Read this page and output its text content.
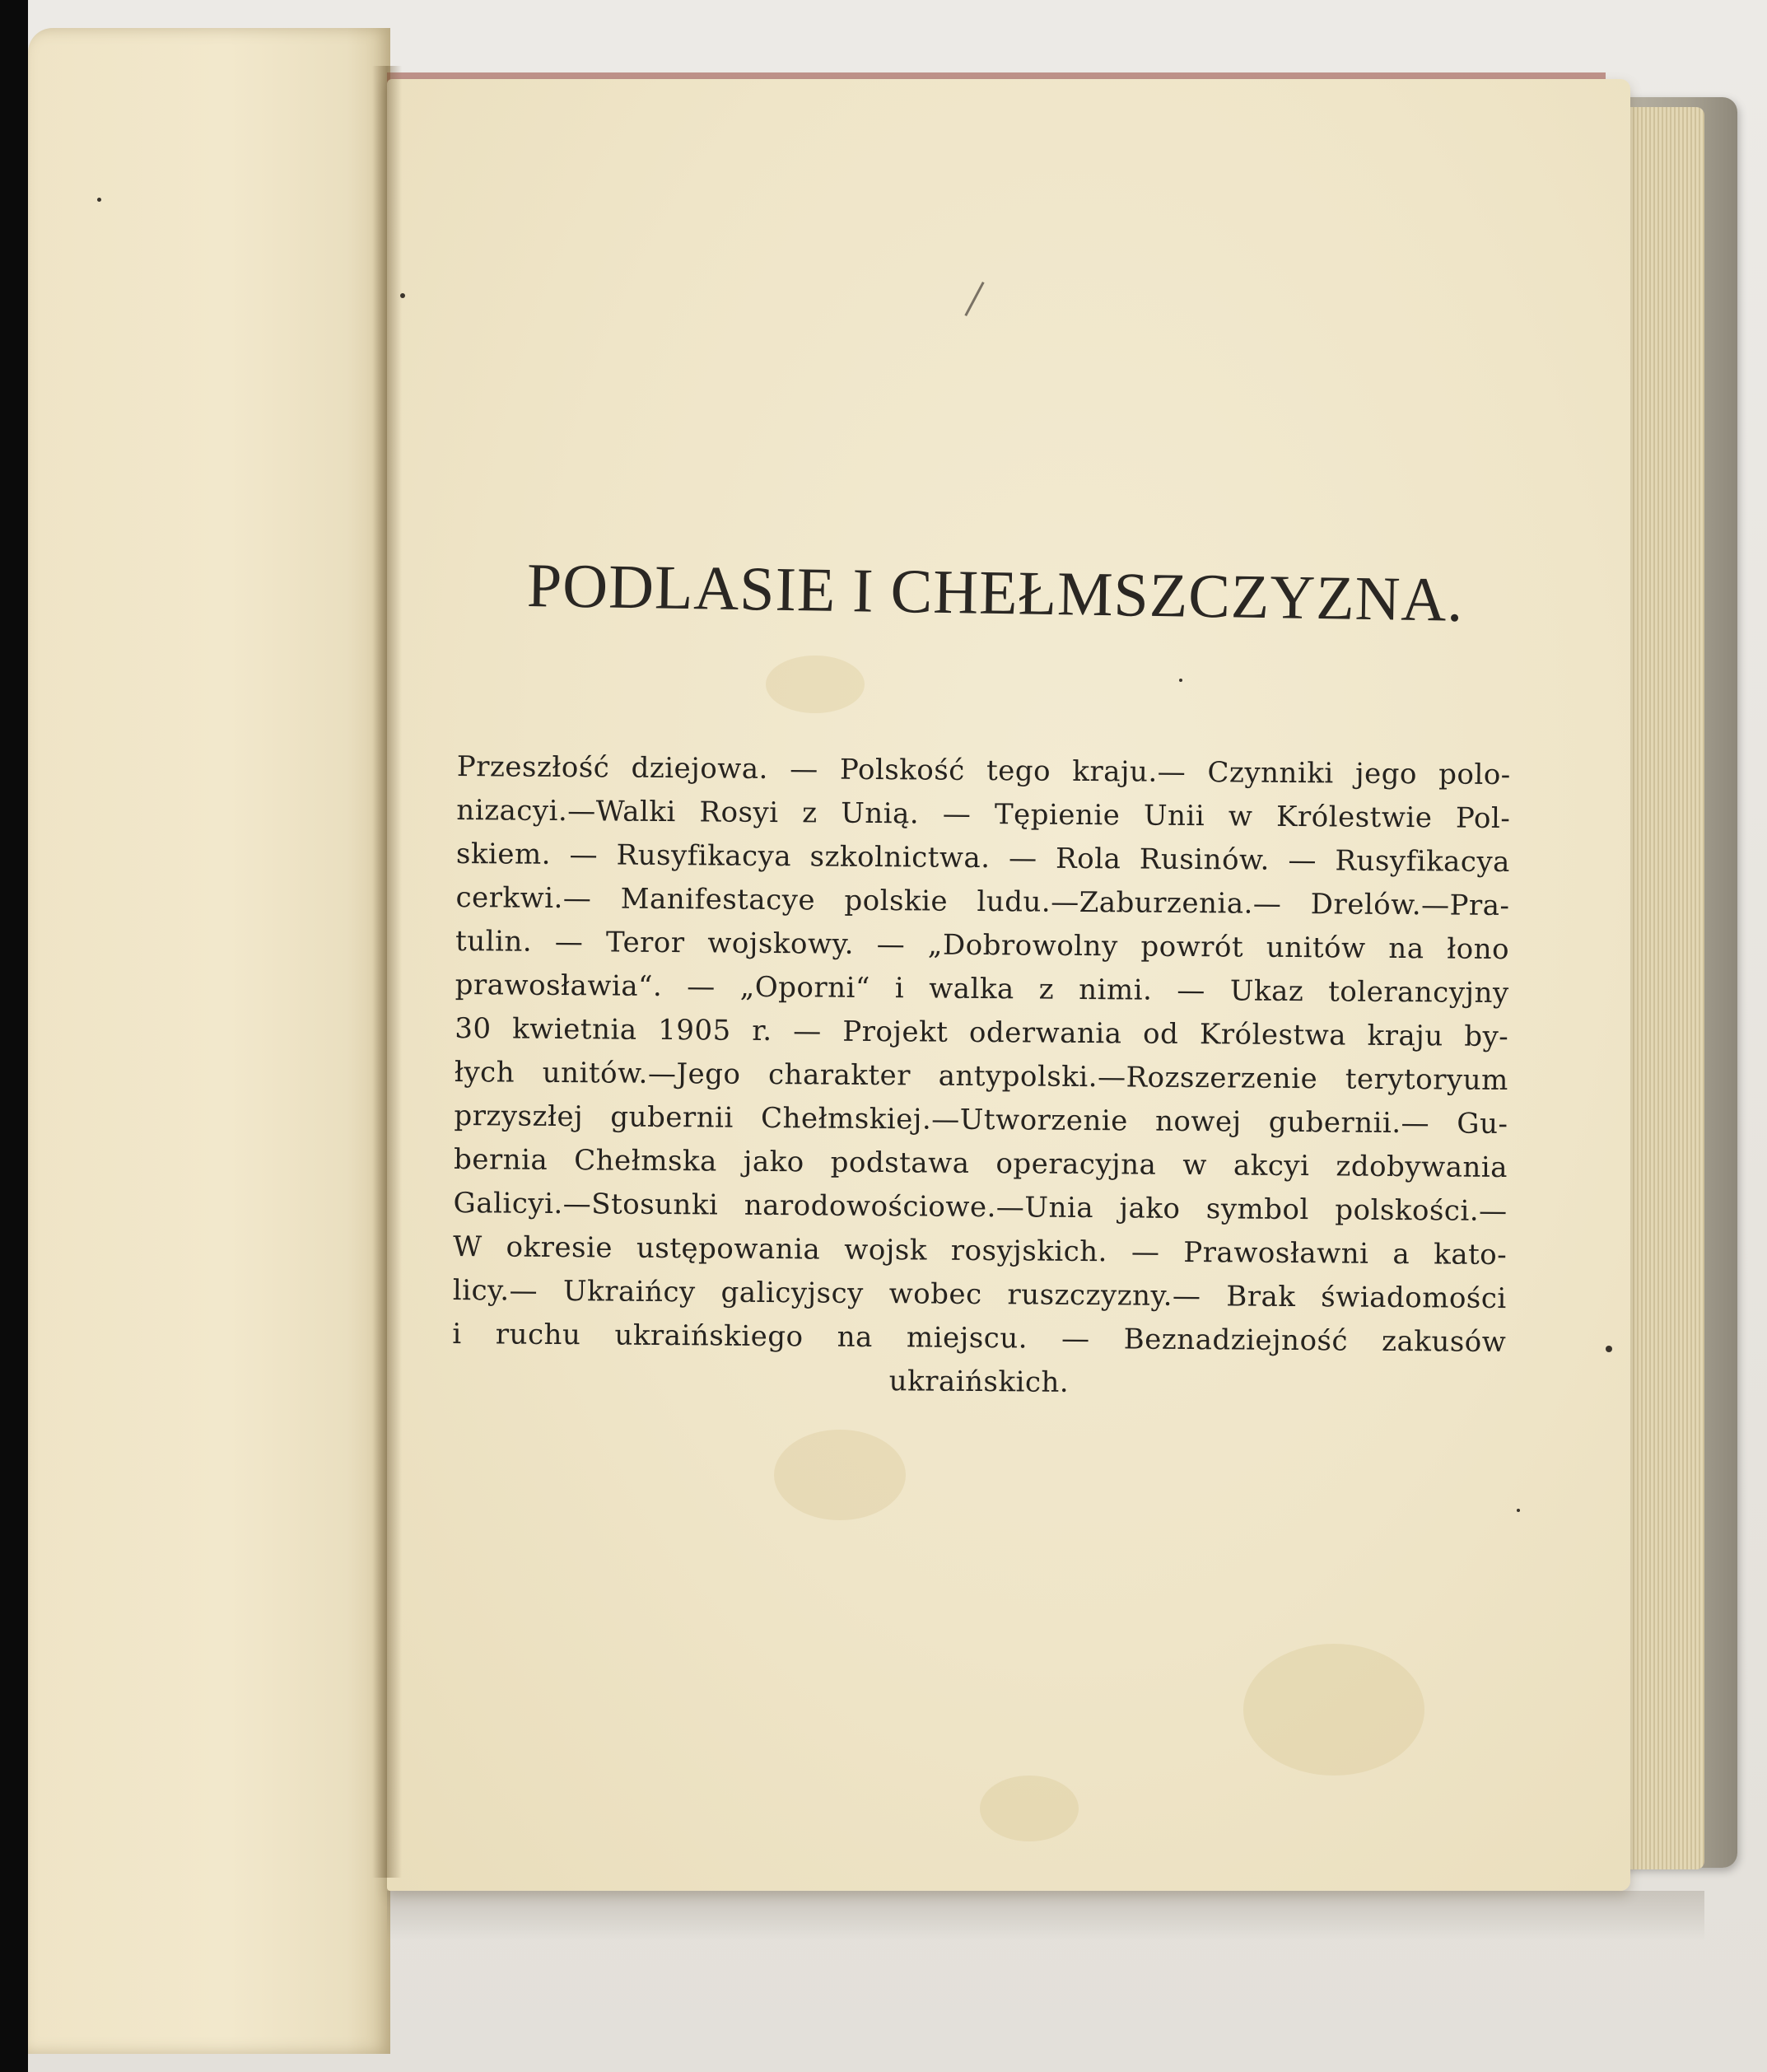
PODLASIE I CHEŁMSZCZYZNA.
Przeszłość dziejowa. — Polskość tego kraju.— Czynniki jego polo-
nizacyi.—Walki Rosyi z Unią. — Tępienie Unii w Królestwie Pol-
skiem. — Rusyfikacya szkolnictwa. — Rola Rusinów. — Rusyfikacya
cerkwi.— Manifestacye polskie ludu.—Zaburzenia.— Drelów.—Pra-
tulin. — Teror wojskowy. — „Dobrowolny powrót unitów na łono
prawosławia“. — „Oporni“ i walka z nimi. — Ukaz tolerancyjny
30 kwietnia 1905 r. — Projekt oderwania od Królestwa kraju by-
łych unitów.—Jego charakter antypolski.—Rozszerzenie terytoryum
przyszłej gubernii Chełmskiej.—Utworzenie nowej gubernii.— Gu-
bernia Chełmska jako podstawa operacyjna w akcyi zdobywania
Galicyi.—Stosunki narodowościowe.—Unia jako symbol polskości.—
W okresie ustępowania wojsk rosyjskich. — Prawosławni a kato-
licy.— Ukraińcy galicyjscy wobec ruszczyzny.— Brak świadomości
i ruchu ukraińskiego na miejscu. — Beznadziejność zakusów
ukraińskich.
